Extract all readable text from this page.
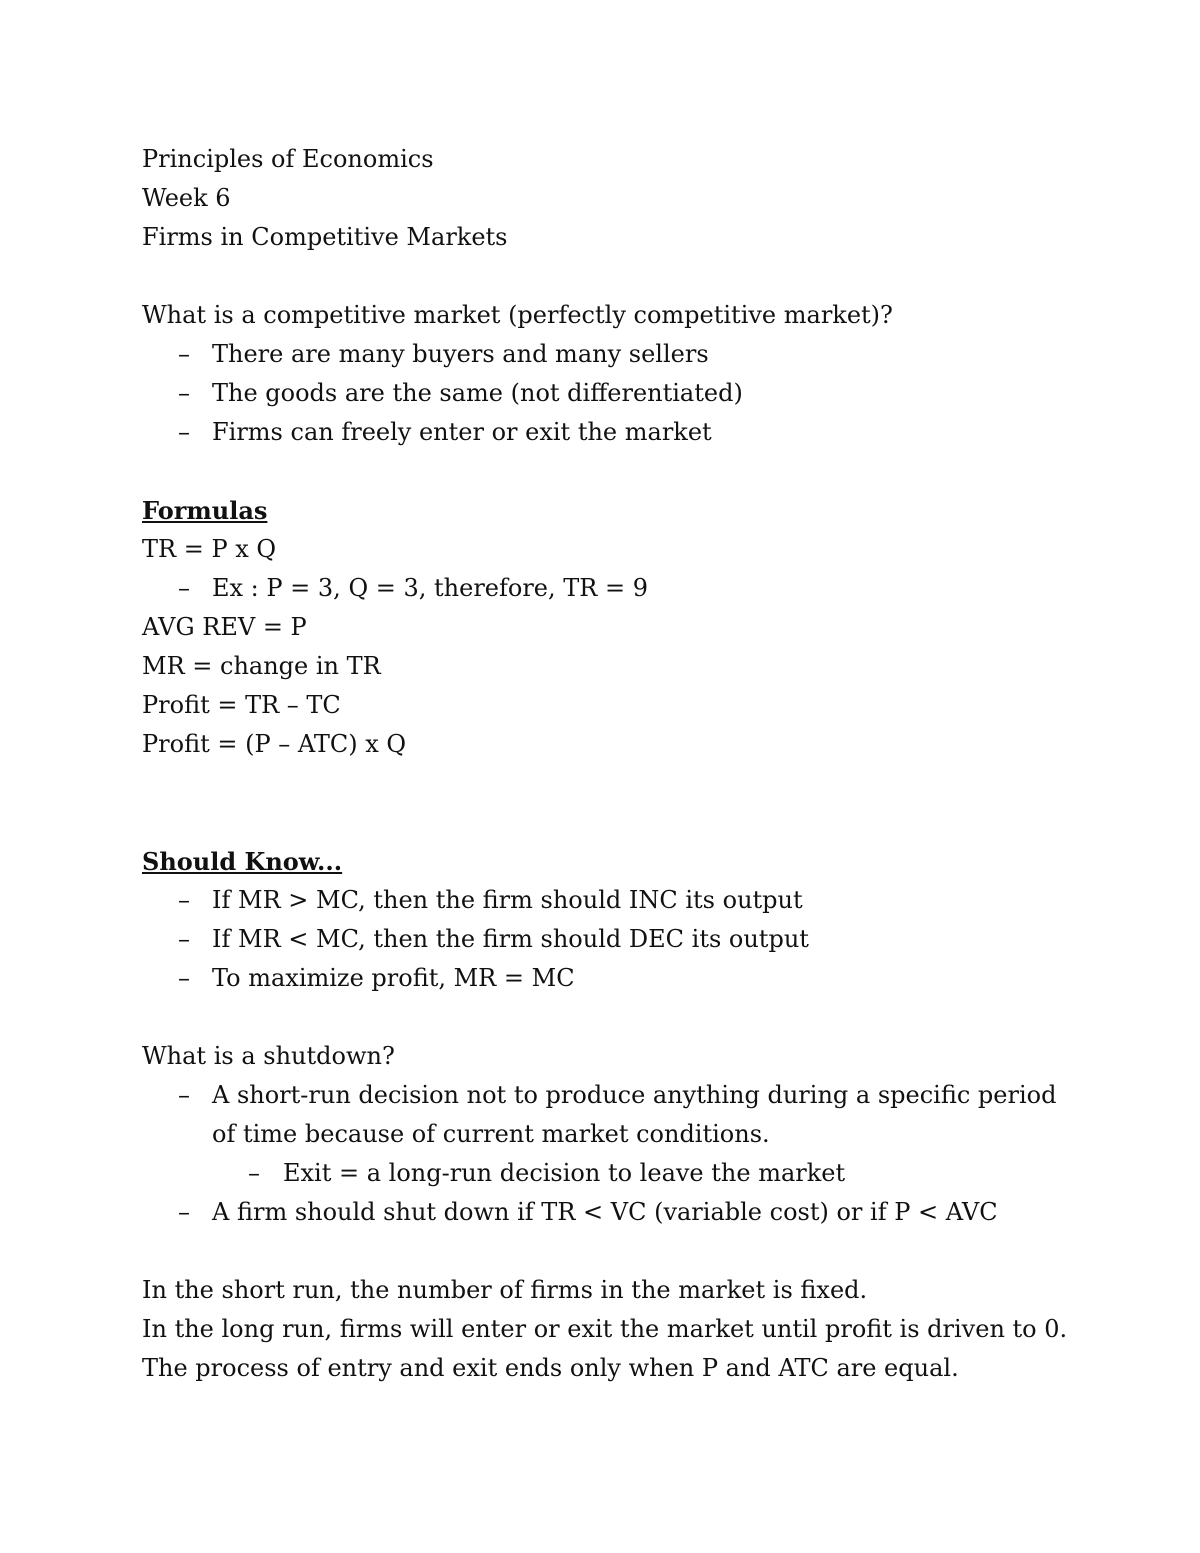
Principles of Economics
Week 6
Firms in Competitive Markets
What is a competitive market (perfectly competitive market)?
– There are many buyers and many sellers
– The goods are the same (not differentiated)
– Firms can freely enter or exit the market
Formulas
TR = P x Q
– Ex : P = 3, Q = 3, therefore, TR = 9
AVG REV = P
MR = change in TR
Profit = TR – TC
Profit = (P – ATC) x Q
Should Know...
– If MR > MC, then the firm should INC its output
– If MR < MC, then the firm should DEC its output
– To maximize profit, MR = MC
What is a shutdown?
– A short-run decision not to produce anything during a specific period of time because of current market conditions.
– Exit = a long-run decision to leave the market
– A firm should shut down if TR < VC (variable cost) or if P < AVC
In the short run, the number of firms in the market is fixed.
In the long run, firms will enter or exit the market until profit is driven to 0.
The process of entry and exit ends only when P and ATC are equal.
